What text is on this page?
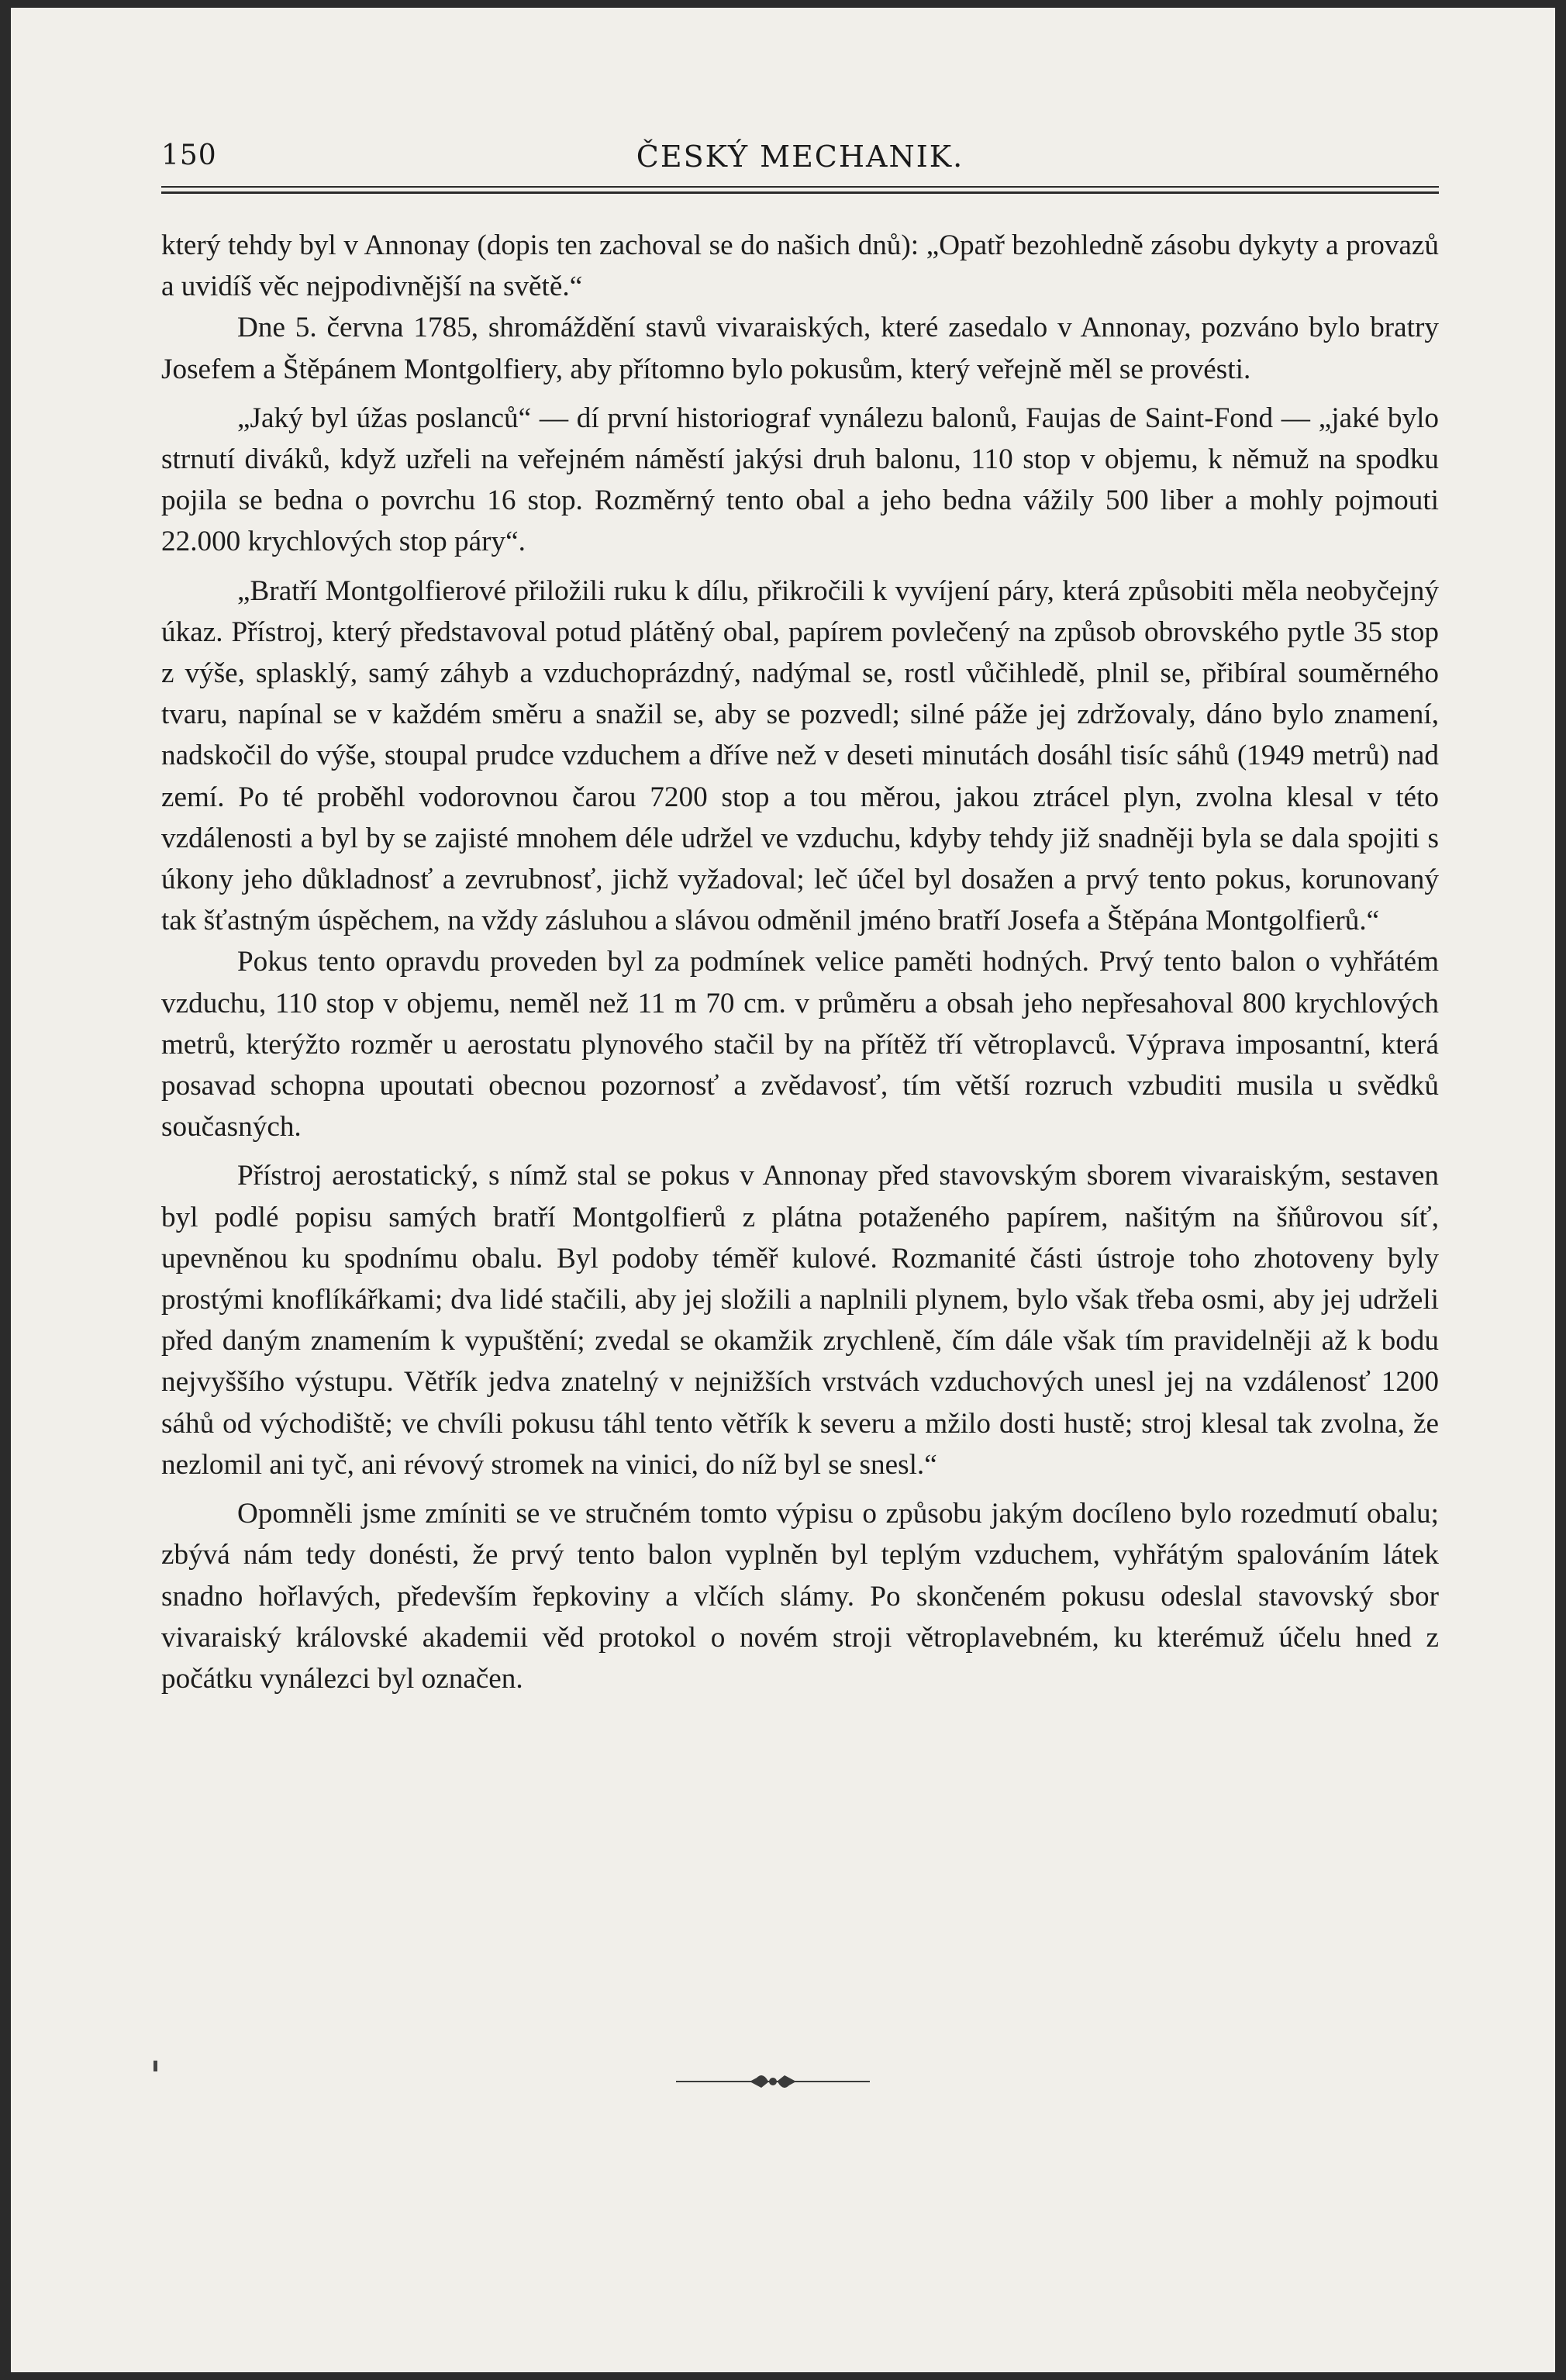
150	ČESKÝ MECHANIK.

který tehdy byl v Annonay (dopis ten zachoval se do našich dnů): „Opatř bezohledně zásobu dykyty a provazů a uvidíš věc nejpodivnější na světě.“

Dne 5. června 1785, shromáždění stavů vivaraiských, které zasedalo v Annonay, pozváno bylo bratry Josefem a Štěpánem Montgolfiery, aby přítomno bylo pokusům, který veřejně měl se provésti.

„Jaký byl úžas poslanců“ — dí první historiograf vynálezu balonů, Faujas de Saint-Fond — „jaké bylo strnutí diváků, když uzřeli na veřejném náměstí jakýsi druh balonu, 110 stop v objemu, k němuž na spodku pojila se bedna o povrchu 16 stop. Rozměrný tento obal a jeho bedna vážily 500 liber a mohly pojmouti 22.000 krychlových stop páry“.

„Bratří Montgolfierové přiložili ruku k dílu, přikročili k vyvíjení páry, která způsobiti měla neobyčejný úkaz. Přístroj, který představoval potud plátěný obal, papírem povlečený na způsob obrovského pytle 35 stop z výše, splasklý, samý záhyb a vzduchoprázdný, nadýmal se, rostl vůčihledě, plnil se, přibíral souměrného tvaru, napínal se v každém směru a snažil se, aby se pozvedl; silné páže jej zdržovaly, dáno bylo znamení, nadskočil do výše, stoupal prudce vzduchem a dříve než v deseti minutách dosáhl tisíc sáhů (1949 metrů) nad zemí. Po té proběhl vodorovnou čarou 7200 stop a tou měrou, jakou ztrácel plyn, zvolna klesal v této vzdálenosti a byl by se zajisté mnohem déle udržel ve vzduchu, kdyby tehdy již snadněji byla se dala spojiti s úkony jeho důkladnosť a zevrubnosť, jichž vyžadoval; leč účel byl dosažen a prvý tento pokus, korunovaný tak šťastným úspěchem, na vždy zásluhou a slávou odměnil jméno bratří Josefa a Štěpána Montgolfierů.“

Pokus tento opravdu proveden byl za podmínek velice paměti hodných. Prvý tento balon o vyhřátém vzduchu, 110 stop v objemu, neměl než 11 m 70 cm. v průměru a obsah jeho nepřesahoval 800 krychlových metrů, kterýžto rozměr u aerostatu plynového stačil by na přítěž tří větroplavců. Výprava imposantní, která posavad schopna upoutati obecnou pozornosť a zvědavosť, tím větší rozruch vzbuditi musila u svědků současných.

Přístroj aerostatický, s nímž stal se pokus v Annonay před stavovským sborem vivaraiským, sestaven byl podlé popisu samých bratří Montgolfierů z plátna potaženého papírem, našitým na šňůrovou síť, upevněnou ku spodnímu obalu. Byl podoby téměř kulové. Rozmanité části ústroje toho zhotoveny byly prostými knoflíkářkami; dva lidé stačili, aby jej složili a naplnili plynem, bylo však třeba osmi, aby jej udrželi před daným znamením k vypuštění; zvedal se okamžik zrychleně, čím dále však tím pravidelněji až k bodu nejvyššího výstupu. Větřík jedva znatelný v nejnižších vrstvách vzduchových unesl jej na vzdálenosť 1200 sáhů od východiště; ve chvíli pokusu táhl tento větřík k severu a mžilo dosti hustě; stroj klesal tak zvolna, že nezlomil ani tyč, ani révový stromek na vinici, do níž byl se snesl.“

Opomněli jsme zmíniti se ve stručném tomto výpisu o způsobu jakým docíleno bylo rozedmutí obalu; zbývá nám tedy donésti, že prvý tento balon vyplněn byl teplým vzduchem, vyhřátým spalováním látek snadno hořlavých, především řepkoviny a vlčích slámy. Po skončeném pokusu odeslal stavovský sbor vivaraiský královské akademii věd protokol o novém stroji větroplavebném, ku kterémuž účelu hned z počátku vynálezci byl označen.
